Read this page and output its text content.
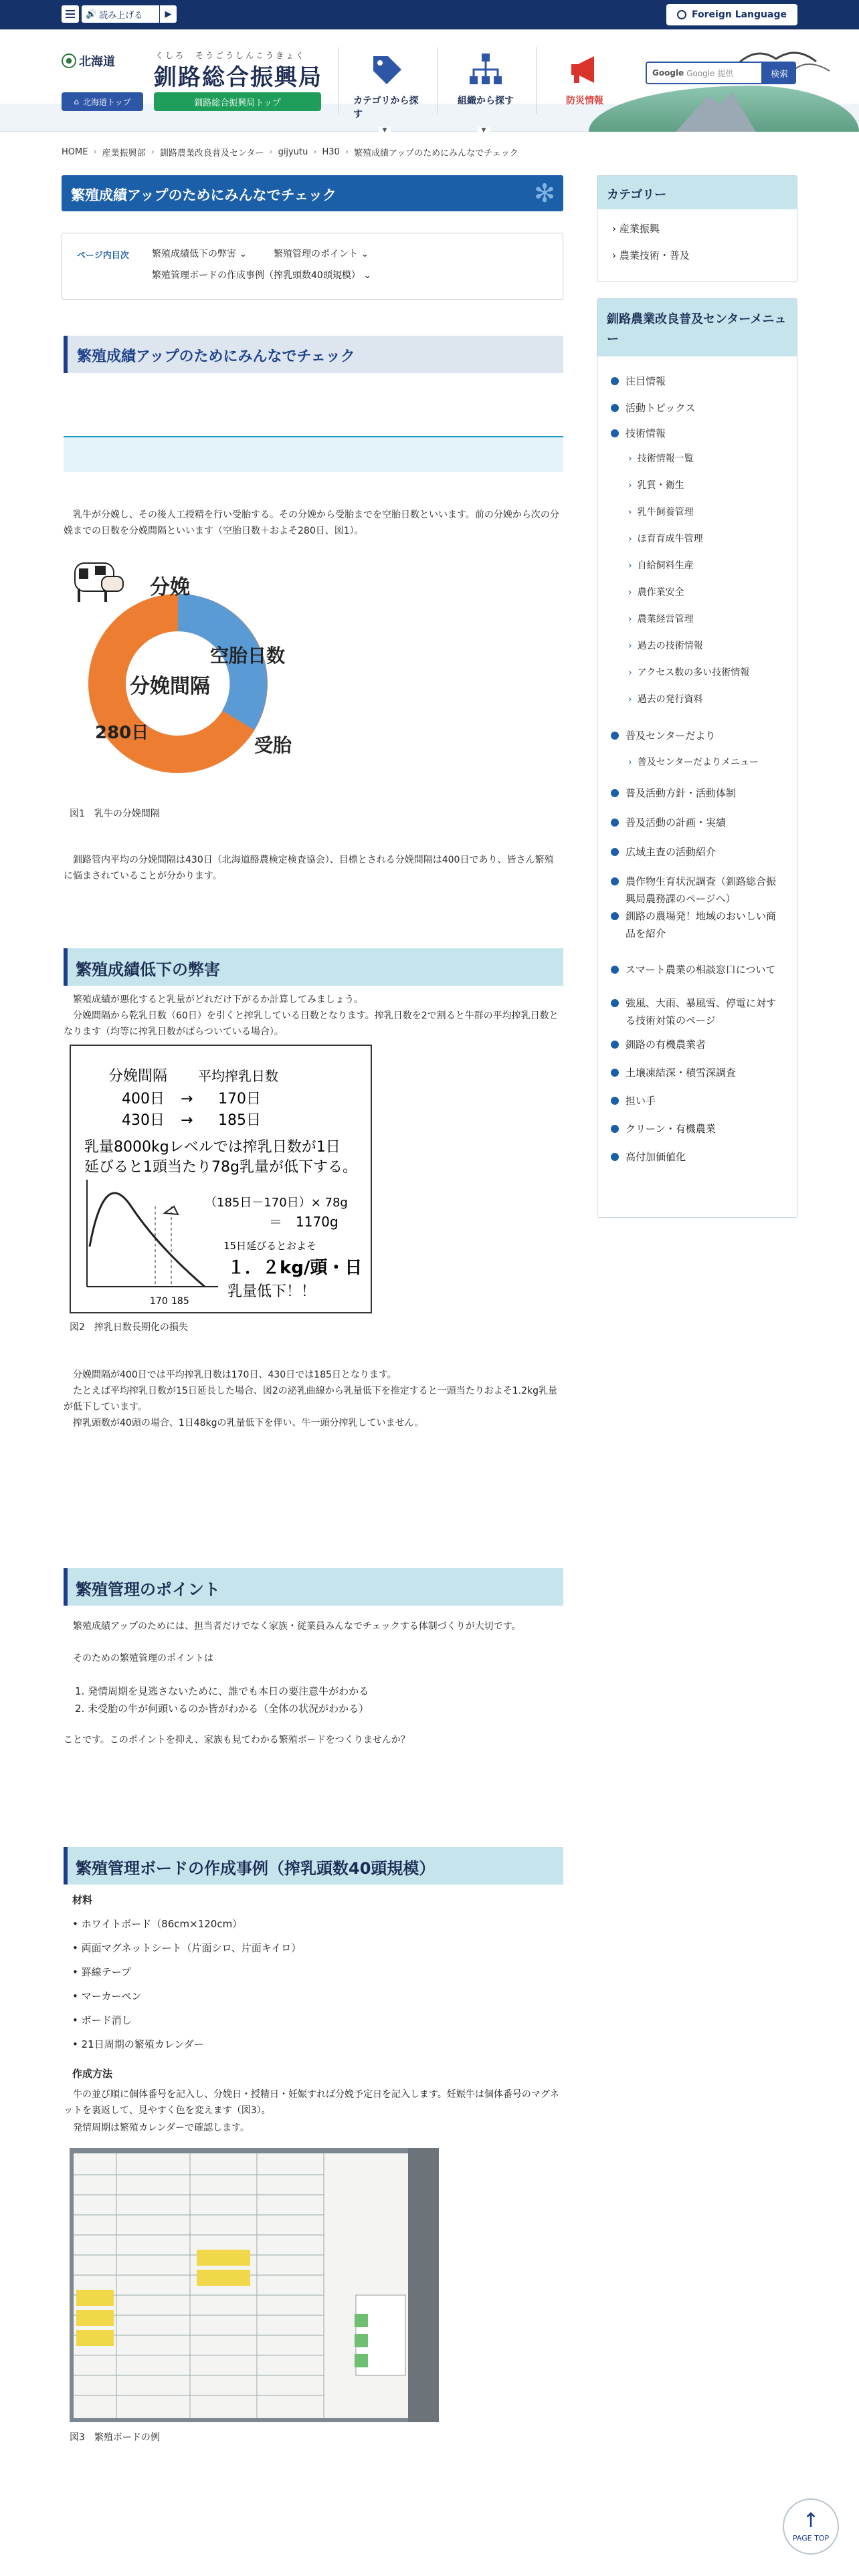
🔊 読み上げる	▶	Foreign Language
北海道
⌂ 北海道トップ
くしろ　そうごうしんこうきょく
釧路総合振興局
釧路総合振興局トップ	カテゴリから探す
組織から探す	防災情報
Google Google 提供	検索
▼	▼
HOME › 産業振興部 › 釧路農業改良普及センター › gijyutu › H30 › 繁殖成績アップのためにみんなでチェック
繁殖成績アップのためにみんなでチェック	✻
ページ内目次 繁殖成績低下の弊害 ⌄	繁殖管理のポイント ⌄
繁殖管理ボードの作成事例（搾乳頭数40頭規模） ⌄
繁殖成績アップのためにみんなでチェック
乳牛が分娩し、その後人工授精を行い受胎する。その分娩から受胎までを空胎日数といいます。前の分娩から次の分娩までの日数を分娩間隔といいます（空胎日数＋およそ280日、図1）。
分娩
空胎日数
分娩間隔
受胎
280日
図1　乳牛の分娩間隔
釧路管内平均の分娩間隔は430日（北海道酪農検定検査協会）、目標とされる分娩間隔は400日であり、皆さん繁殖に悩まされていることが分かります。
繁殖成績低下の弊害
繁殖成績が悪化すると乳量がどれだけ下がるか計算してみましょう。
分娩間隔から乾乳日数（60日）を引くと搾乳している日数となります。搾乳日数を2で割ると牛群の平均搾乳日数となります（均等に搾乳日数がばらついている場合）。
分娩間隔 平均搾乳日数
400日 → 170日
430日 → 185日
乳量8000kgレベルでは搾乳日数が1日
延びると1頭当たり78g乳量が低下する。
170 185
（185日－170日）× 78g
＝　1170g
15日延びるとおよそ
１．２kg/頭・日
乳量低下！！
図2　搾乳日数長期化の損失
分娩間隔が400日では平均搾乳日数は170日、430日では185日となります。
たとえば平均搾乳日数が15日延長した場合、図2の泌乳曲線から乳量低下を推定すると一頭当たりおよそ1.2kg乳量が低下しています。
搾乳頭数が40頭の場合、1日48kgの乳量低下を伴い、牛一頭分搾乳していません。
繁殖管理のポイント
繁殖成績アップのためには、担当者だけでなく家族・従業員みんなでチェックする体制づくりが大切です。
そのための繁殖管理のポイントは
1. 発情周期を見逃さないために、誰でも本日の要注意牛がわかる
2. 未受胎の牛が何頭いるのか皆がわかる（全体の状況がわかる）
ことです。このポイントを抑え、家族も見てわかる繁殖ボードをつくりませんか？
繁殖管理ボードの作成事例（搾乳頭数40頭規模）
材料
• ホワイトボード（86cm×120cm）
• 両面マグネットシート（片面シロ、片面キイロ）
• 罫線テープ
• マーカーペン
• ボード消し
• 21日周期の繁殖カレンダー
作成方法
牛の並び順に個体番号を記入し、分娩日・授精日・妊娠すれば分娩予定日を記入します。妊娠牛は個体番号のマグネットを裏返して、見やすく色を変えます（図3）。
発情周期は繁殖カレンダーで確認します。
図3　繁殖ボードの例
カテゴリー
› 産業振興
› 農業技術・普及
釧路農業改良普及センターメニュー
注目情報
活動トピックス
技術情報
› 技術情報一覧
› 乳質・衛生
› 乳牛飼養管理
› ほ育育成牛管理
› 自給飼料生産
› 農作業安全
› 農業経営管理
› 過去の技術情報
› アクセス数の多い技術情報
› 過去の発行資料
普及センターだより
› 普及センターだよりメニュー
普及活動方針・活動体制
普及活動の計画・実績
広域主査の活動紹介
農作物生育状況調査（釧路総合振興局農務課のページへ）
釧路の農場発！地域のおいしい商品を紹介
スマート農業の相談窓口について
強風、大雨、暴風雪、停電に対する技術対策のページ
釧路の有機農業者
土壌凍結深・積雪深調査
担い手
クリーン・有機農業
高付加価値化
↑
PAGE TOP
